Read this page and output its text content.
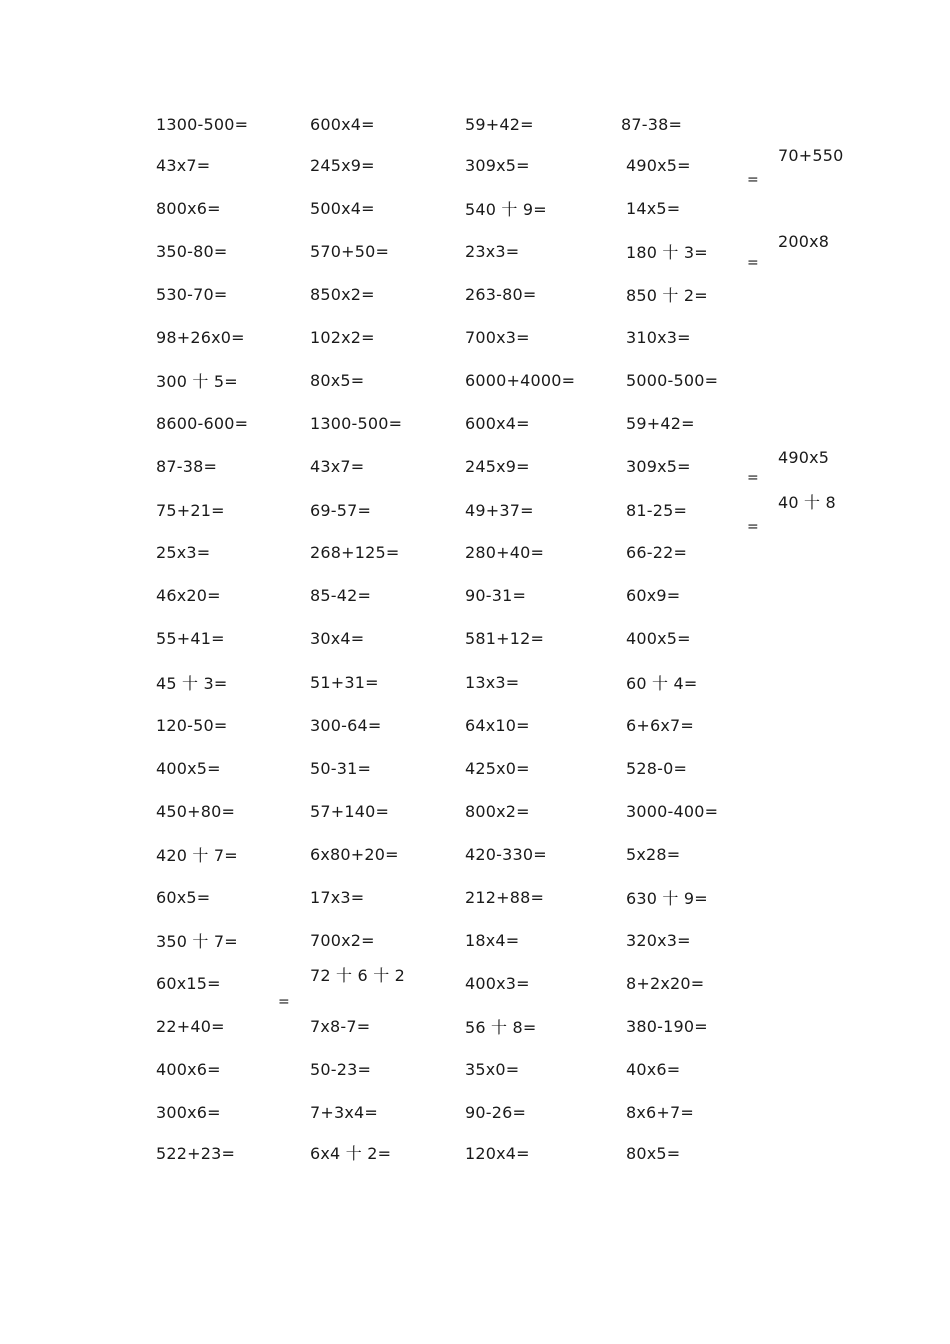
1300-500=	600x4=	59+42=	87-38=
43x7=	245x9=	309x5=	490x5=
800x6=	500x4=	540 十 9=	14x5=
350-80=	570+50=	23x3=	180 十 3=
530-70=	850x2=	263-80=	850 十 2=
98+26x0=	102x2=	700x3=	310x3=
300 十 5=	80x5=	6000+4000=	5000-500=
8600-600=	1300-500=	600x4=	59+42=
87-38=	43x7=	245x9=	309x5=
75+21=	69-57=	49+37=	81-25=
25x3=	268+125=	280+40=	66-22=
46x20=	85-42=	90-31=	60x9=
55+41=	30x4=	581+12=	400x5=
45 十 3=	51+31=	13x3=	60 十 4=
120-50=	300-64=	64x10=	6+6x7=
400x5=	50-31=	425x0=	528-0=
450+80=	57+140=	800x2=	3000-400=
420 十 7=	6x80+20=	420-330=	5x28=
60x5=	17x3=	212+88=	630 十 9=
350 十 7=	700x2=	18x4=	320x3=
60x15=	72 十 6 十 2	400x3=	8+2x20=
22+40=	7x8-7=	56 十 8=	380-190=
400x6=	50-23=	35x0=	40x6=
300x6=	7+3x4=	90-26=	8x6+7=
522+23=	6x4 十 2=	120x4=	80x5=
70+550
200x8
490x5
40 十 8
=
=
=
=
=
